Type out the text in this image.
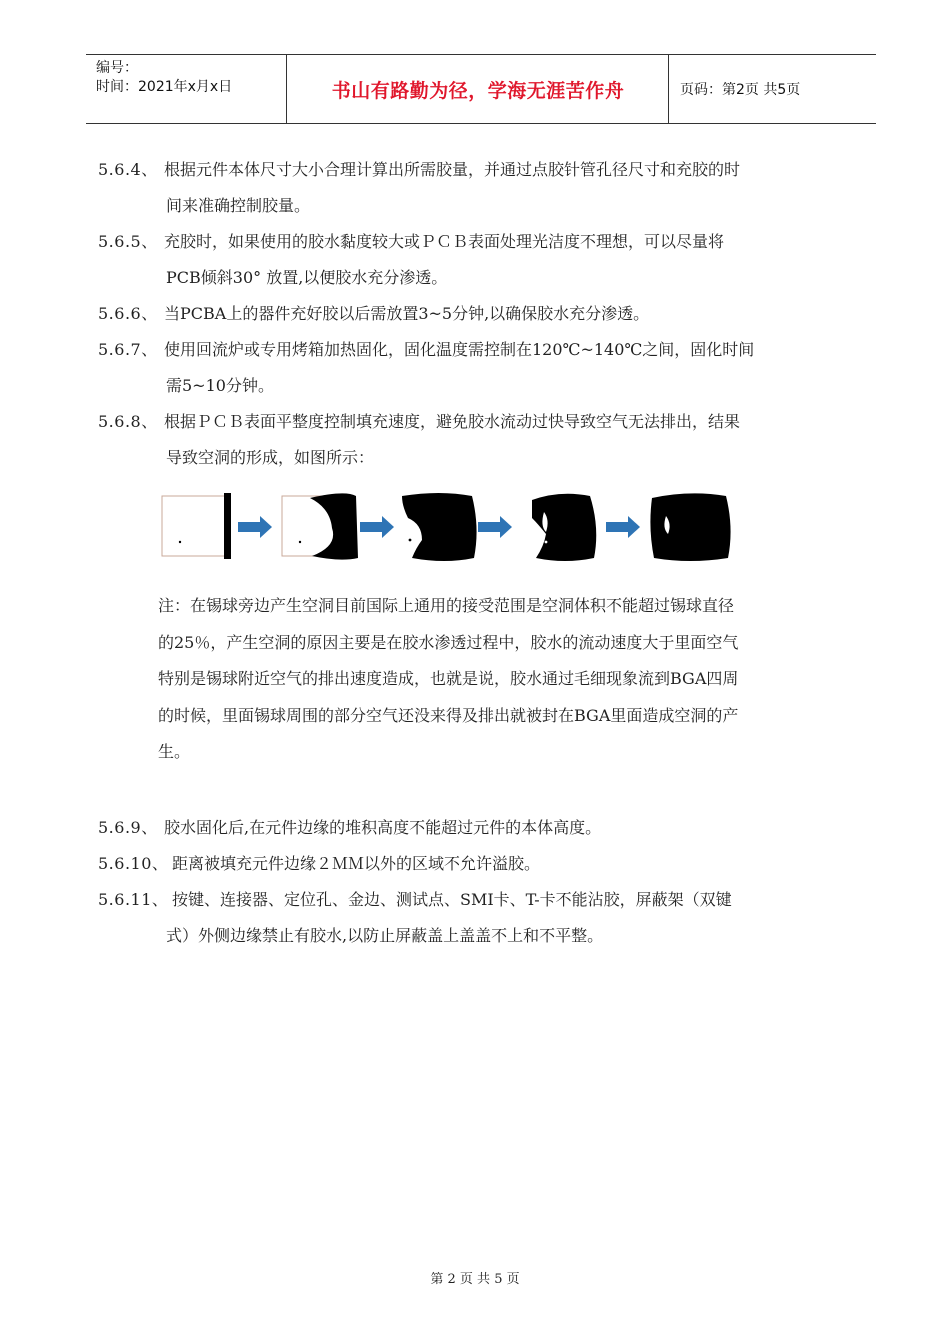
编号：
时间：2021年x月x日	书山有路勤为径，学海无涯苦作舟	页码：第2页 共5页
5.6.4、 根据元件本体尺寸大小合理计算出所需胶量，并通过点胶针管孔径尺寸和充胶的时
间来准确控制胶量。
5.6.5、 充胶时，如果使用的胶水黏度较大或ＰＣＢ表面处理光洁度不理想，可以尽量将
PCB倾斜30° 放置,以便胶水充分渗透。
5.6.6、 当PCBA上的器件充好胶以后需放置3~5分钟,以确保胶水充分渗透。
5.6.7、 使用回流炉或专用烤箱加热固化，固化温度需控制在120℃~140℃之间，固化时间
需5~10分钟。
5.6.8、 根据ＰＣＢ表面平整度控制填充速度，避免胶水流动过快导致空气无法排出，结果
导致空洞的形成，如图所示：
注：在锡球旁边产生空洞目前国际上通用的接受范围是空洞体积不能超过锡球直径
的25％，产生空洞的原因主要是在胶水渗透过程中，胶水的流动速度大于里面空气
特别是锡球附近空气的排出速度造成，也就是说，胶水通过毛细现象流到BGA四周
的时候，里面锡球周围的部分空气还没来得及排出就被封在BGA里面造成空洞的产
生。
5.6.9、 胶水固化后,在元件边缘的堆积高度不能超过元件的本体高度。
5.6.10、 距离被填充元件边缘２ＭＭ以外的区域不允许溢胶。
5.6.11、 按键、连接器、定位孔、金边、测试点、SMI卡、T-卡不能沾胶，屏蔽架（双键
式）外侧边缘禁止有胶水,以防止屏蔽盖上盖盖不上和不平整。
第 2 页 共 5 页
